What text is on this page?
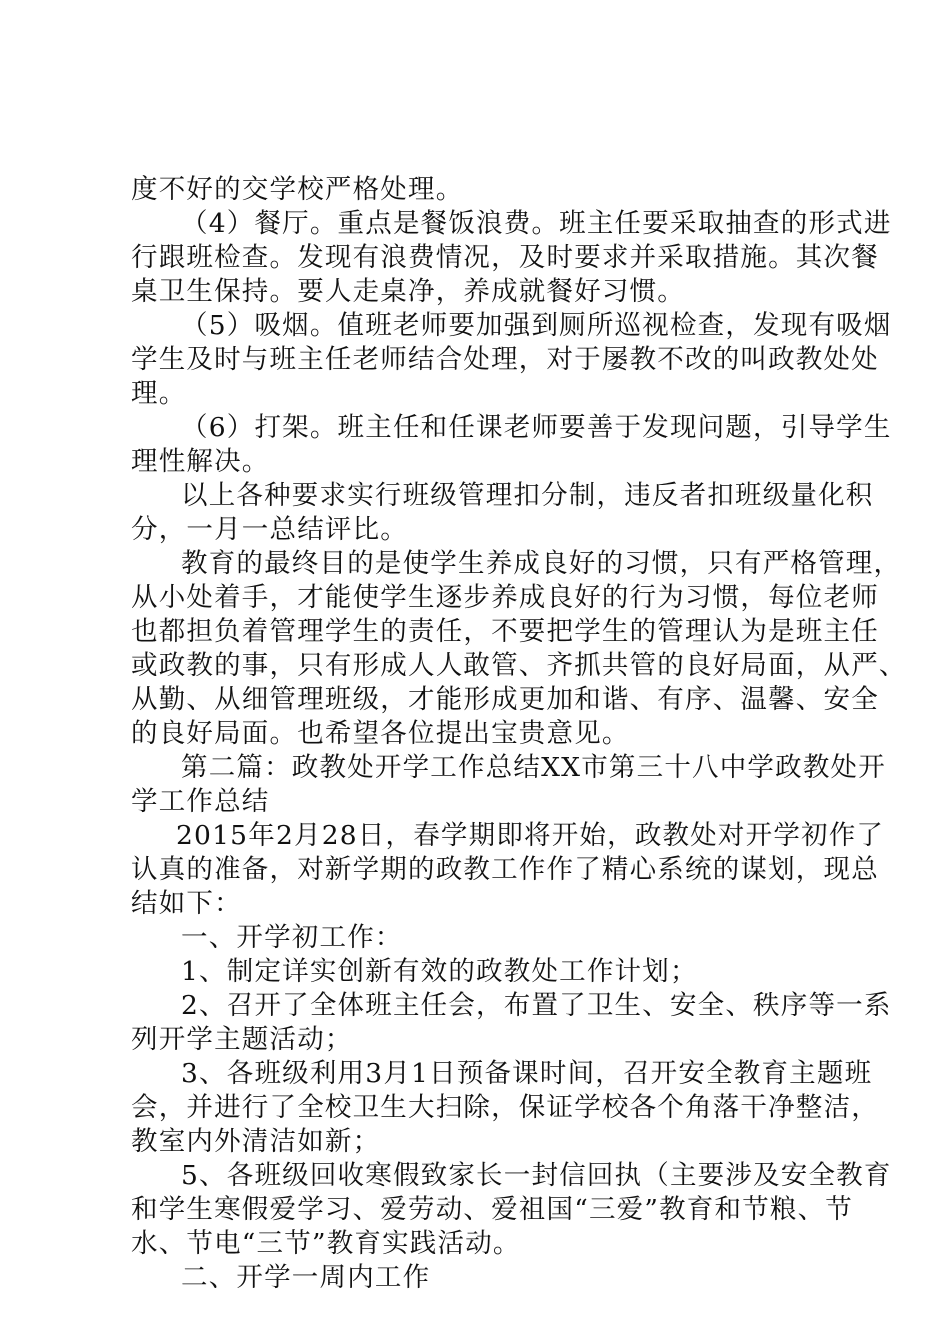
度不好的交学校严格处理。
（4）餐厅。重点是餐饭浪费。班主任要采取抽查的形式进
行跟班检查。发现有浪费情况，及时要求并采取措施。其次餐
桌卫生保持。要人走桌净，养成就餐好习惯。
（5）吸烟。值班老师要加强到厕所巡视检查，发现有吸烟
学生及时与班主任老师结合处理，对于屡教不改的叫政教处处
理。
（6）打架。班主任和任课老师要善于发现问题，引导学生
理性解决。
以上各种要求实行班级管理扣分制，违反者扣班级量化积
分，一月一总结评比。
教育的最终目的是使学生养成良好的习惯，只有严格管理，
从小处着手，才能使学生逐步养成良好的行为习惯，每位老师
也都担负着管理学生的责任，不要把学生的管理认为是班主任
或政教的事，只有形成人人敢管、齐抓共管的良好局面，从严、
从勤、从细管理班级，才能形成更加和谐、有序、温馨、安全
的良好局面。也希望各位提出宝贵意见。
第二篇：政教处开学工作总结XX市第三十八中学政教处开
学工作总结
2015年2月28日，春学期即将开始，政教处对开学初作了
认真的准备，对新学期的政教工作作了精心系统的谋划，现总
结如下：
一、开学初工作：
1、制定详实创新有效的政教处工作计划；
2、召开了全体班主任会，布置了卫生、安全、秩序等一系
列开学主题活动；
3、各班级利用3月1日预备课时间，召开安全教育主题班
会，并进行了全校卫生大扫除，保证学校各个角落干净整洁，
教室内外清洁如新；
5、各班级回收寒假致家长一封信回执（主要涉及安全教育
和学生寒假爱学习、爱劳动、爱祖国“三爱”教育和节粮、节
水、节电“三节”教育实践活动。
二、开学一周内工作
